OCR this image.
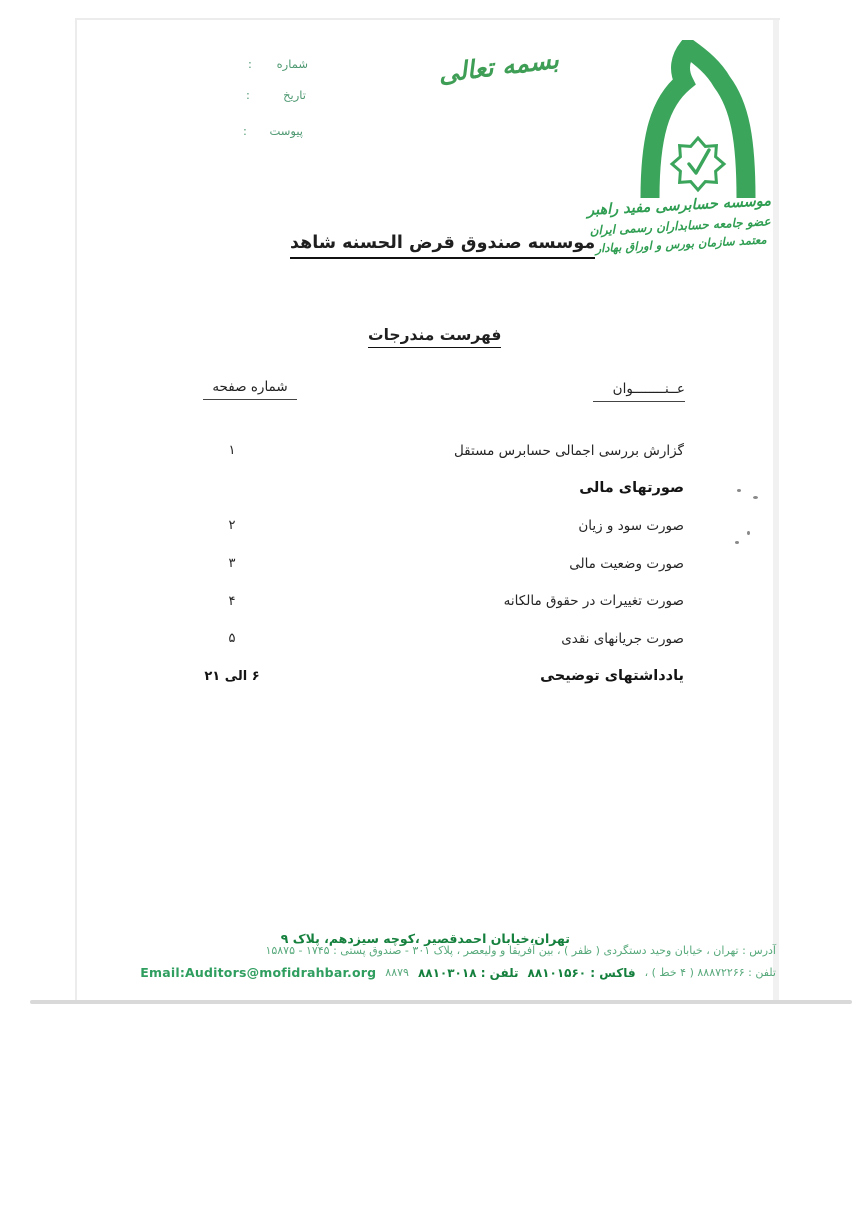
شماره
:
تاریخ
:
پیوست
:
بسمه تعالی
موسسه حسابرسی مفید راهبر
عضو جامعه حسابداران رسمی ایران
معتمد سازمان بورس و اوراق بهادار
موسسه صندوق قرض الحسنه شاهد
فهرست مندرجات
عــنــــــــوان
شماره صفحه
گزارش بررسی اجمالی حسابرس مستقل
۱
صورتهای مالی
صورت سود و زیان
۲
صورت وضعیت مالی
۳
صورت تغییرات در حقوق مالکانه
۴
صورت جریانهای نقدی
۵
یادداشتهای توضیحی
۶ الی ۲۱
تهران،خیابان احمدقصیر ،کوچه سیزدهم، پلاک ۹
آدرس : تهران ، خیابان وحید دستگردی ( ظفر ) ، بین آفریقا و ولیعصر ، پلاک ۳۰۱ - صندوق پستی : ۱۷۴۵ - ۱۵۸۷۵
تلفن : ۸۸۸۷۲۲۶۶ ( ۴ خط ) ،
فاکس : ۸۸۱۰۱۵۶۰
تلفن : ۸۸۱۰۳۰۱۸
۸۸۷۹
Email:Auditors@mofidrahbar.org
